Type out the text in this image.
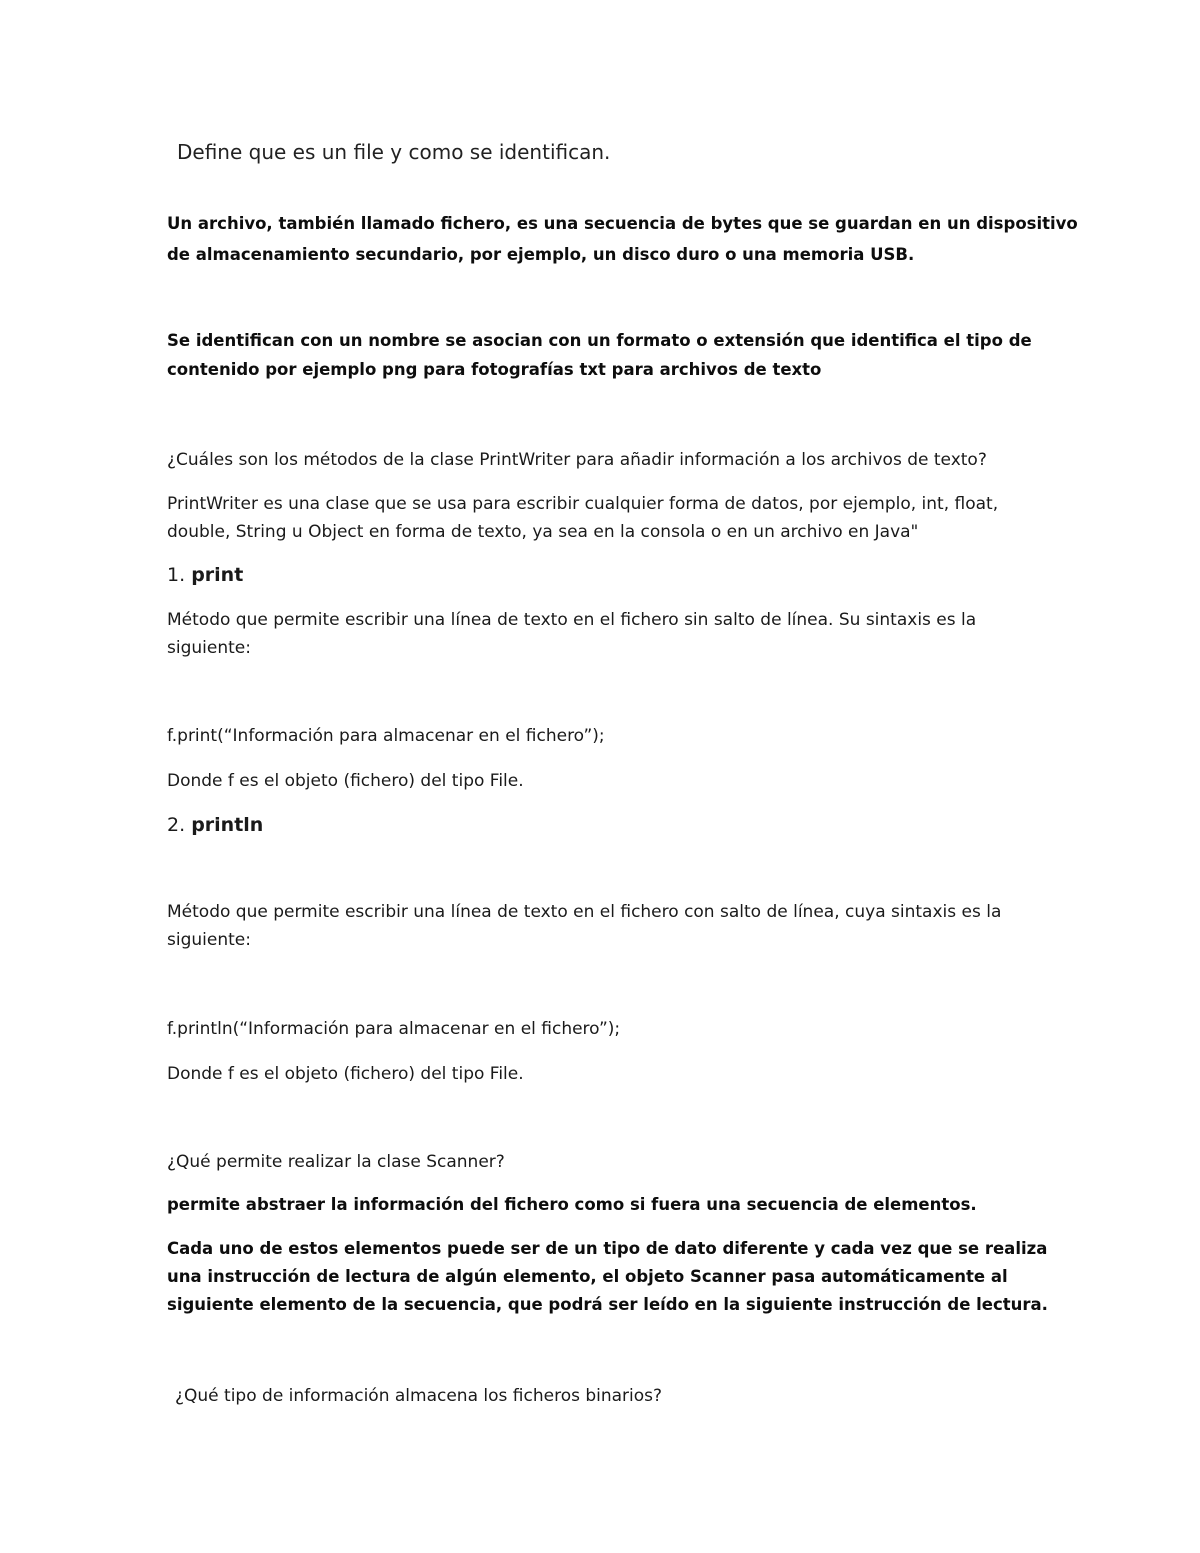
Define que es un file y como se identifican.
Un archivo, también llamado fichero, es una secuencia de bytes que se guardan en un dispositivo
de almacenamiento secundario, por ejemplo, un disco duro o una memoria USB.
Se identifican con un nombre se asocian con un formato o extensión que identifica el tipo de
contenido por ejemplo png para fotografías txt para archivos de texto
¿Cuáles son los métodos de la clase PrintWriter para añadir información a los archivos de texto?
PrintWriter es una clase que se usa para escribir cualquier forma de datos, por ejemplo, int, float,
double, String u Object en forma de texto, ya sea en la consola o en un archivo en Java"
1. print
Método que permite escribir una línea de texto en el fichero sin salto de línea. Su sintaxis es la
siguiente:
f.print(“Información para almacenar en el fichero”);
Donde f es el objeto (fichero) del tipo File.
2. println
Método que permite escribir una línea de texto en el fichero con salto de línea, cuya sintaxis es la
siguiente:
f.println(“Información para almacenar en el fichero”);
Donde f es el objeto (fichero) del tipo File.
¿Qué permite realizar la clase Scanner?
permite abstraer la información del fichero como si fuera una secuencia de elementos.
Cada uno de estos elementos puede ser de un tipo de dato diferente y cada vez que se realiza
una instrucción de lectura de algún elemento, el objeto Scanner pasa automáticamente al
siguiente elemento de la secuencia, que podrá ser leído en la siguiente instrucción de lectura.
¿Qué tipo de información almacena los ficheros binarios?
